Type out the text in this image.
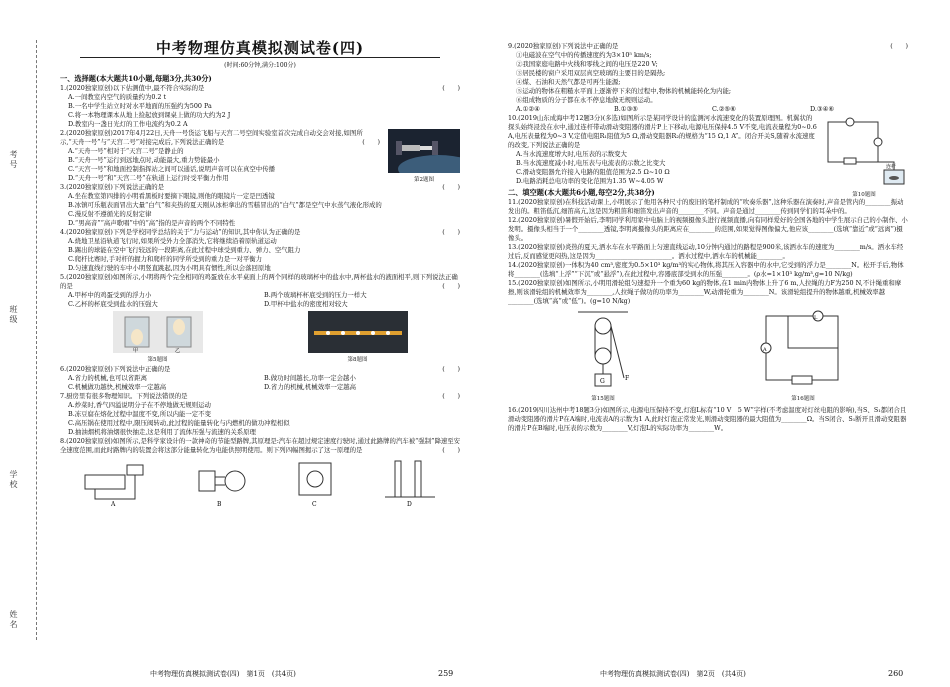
考号
班级
学校
姓名
中考物理仿真模拟测试卷(四)
(时间:60分钟,满分:100分)
一、选择题(本大题共10小题,每题3分,共30分)

1.(2020独家原创)以下估测值中,最不符合实际的是	(　　)

A.一间教室内空气的质量约为0.2 t

B.一名中学生站立时对水平地面的压强约为500 Pa

C.将一本物理课本从地上捡起放到课桌上做的功大约为2 J

D.教室内一盏日光灯的工作电流约为0.2 A

2.(2020独家原创)2017年4月22日,天舟一号货运飞船与天宫二号空间实验室首次完成自动交会对接,如图所示,“天舟一号”与“天宫二号”对接完成后,下列说法正确的是	(　　)

A.“天舟一号”相对于“天宫二号”是静止的

B.“天舟一号”运行到远地点时,动能最大,重力势能最小

C.“天宫一号”和地面控制指挥站之间可以通话,说明声音可以在真空中传播

D.“天舟一号”和“天宫二号”在轨道上运行时受平衡力作用	第2题图

3.(2020独家原创)下列说法正确的是	(　　)

A.坐在教室第四排的小明看黑板时要摘下眼镜,则他的眼镜片一定是凹透镜

B.冰镇可乐瓶表面冒出大量“白气”和夹热的夏天刚从冰柜拿出的雪糕冒出的“白气”都是空气中水蒸气液化形成的

C.漫反射不遵循光的反射定律

D.“男高音”“高声歌唱”中的“高”指的是声音的两个不同特性

4.(2020独家原创)下列是学校同学总结的关于“力与运动”的知识,其中你认为正确的是	(　　)

A.烧地卫星沿轨道飞行时,如果所受外力全部消失,它将继续沿着原轨道运动

B.踢出的球能在空中飞行较远的一段距离,在此过程中球受到重力、弹力、空气阻力

C.爬杆比赛时,手对杆的握力和爬杆的同学所受到的重力是一对平衡力

D.匀速直线行驶的车中小明竖直跳起,因为小明具有惯性,所以会落回原地

5.(2020独家原创)如图所示,小明将两个完全相同的鸡蛋放在水平桌面上的两个同样的玻璃杯中的盐水中,两杯盐水的液面相平,则下列说法正确的是	(　　)

A.甲杯中的鸡蛋受到的浮力小	B.两个玻璃杯杯底受到的压力一样大
C.乙杯的杯底受到盐水的压强大	D.甲杯中盐水的密度相对较大
甲	乙
第5题图	第8题图

6.(2020独家原创)下列说法中正确的是	(　　)

A.省力的机械,也可以省距离	B.做功时间越长,功率一定会越小
C.机械做功越快,机械效率一定越高	D.省力的机械,机械效率一定越高

7.厨房里有很多物理知识。下列说法错误的是	(　　)

A.炒菜时,香气四溢说明分子在不停地做无规则运动

B.冻豆腐在熔化过程中温度不变,所以内能一定不变

C.高压锅在使用过程中,限压阀转动,此过程的能量转化与内燃机的做功冲程相似

D.抽油烟机将油烟很快抽走,这是利用了流体压强与流速的关系原理

8.(2020独家原创)如图所示,是科学家设计的一款神奇的节能型路牌,其原理是:汽车在超过规定速度行驶时,通过此路牌的汽车被“强制”降速至安全速度范围,而此时路牌内的装置会将这部分能量转化为电能供照明使用。则下列四幅图揭示了这一原理的是	(　　)

A	B	C	D
中考物理仿真模拟测试卷(四)　第1页　(共4页)	259

9.(2020独家原创)下列说法中正确的是	(　　)

①电磁波在空气中的传播速度约为3×10⁵ km/s;

②我国家庭电路中火线和零线之间的电压是220 V;

③居民楼的窗户采用双层真空玻璃的主要目的是隔热;

④煤、石油和天然气都是可再生能源;

⑤运动的物体在粗糙水平面上逐渐停下来的过程中,物体的机械能转化为内能;

⑥组成物质的分子都在永不停息地做无规则运动。

A.①②④	B.①③⑤	C.②⑤⑥	D.③④⑥

10.(2019山东成海中考12题3分)(多选)如图所示是某同学设计的监测河水流速变化的装置原理图。机翼状的探头始终浸没在水中,通过连杆带动滑动变阻器的滑片P上下移动,电源电压保持4.5 V不变,电流表量程为0~0.6 A,电压表量程为0~3 V,定值电阻R₁阻值为5 Ω,滑动变阻器R₂的规格为“15 Ω,1 A”。闭合开关S,随着水流速度的改变,下列说法正确的是

A.当水流速度增大时,电压表的示数变大

B.当水流速度减小时,电压表与电流表的示数之比变大

C.滑动变阻器允许接入电路的阻值范围为2.5 Ω~10 Ω

D.电路消耗总电功率的变化范围为1.35 W~4.05 W

连杆
第10题图
二、填空题(本大题共6小题,每空2分,共38分)

11.(2020独家原创)在科技活动课上,小明展示了他用各种尺寸的废旧的笔杆制成的“吹奏乐器”,这种乐器在演奏时,声音是管内的________振动发出的。粗笛低沉,细笛高亢,这是因为粗笛和细笛发出声音的________不同。声音是通过________传到同学们的耳朵中的。

12.(2020独家原创)暑假开始后,李明同学利用家中电脑上的视频摄像头进行视频直播,向有同样爱好的全国各地的中学生展示自己的小制作、小发明。摄像头相当于一个________透镜,李明离摄像头的距离应在________的范围,如果觉得图像偏大,他应该________(选填“靠近”或“远离”)摄像头。

13.(2020独家原创)炎热的夏天,洒水车在水平路面上匀速直线运动,10分钟内通过的路程是900米,该洒水车的速度为________m/s。洒水车经过后,反而感觉更闷热,这是因为________________________。洒水过程中,洒水车的机械能________。

14.(2020独家原创)一体积为40 cm³,密度为0.5×10³ kg/m³的实心物体,将其压入容器中的水中,它受到的浮力是________N。松开手后,物体将________(选填“上浮”“下沉”或“悬浮”),在此过程中,容器底部受到水的压强________。(ρ水=1×10³ kg/m³,g=10 N/kg)

15.(2020独家原创)如图所示,小明用滑轮组匀速提升一个重为60 kg的物体,在1 min内物体上升了6 m,人拉绳的力F为250 N,不计绳重和摩擦,则该滑轮组的机械效率为________,人拉绳子做功的功率为________W,动滑轮重为________N。该滑轮组提升的物体越重,机械效率越________(选填“高”或“低”)。(g=10 N/kg)

G	F
第15题图
L
A
第16题图

16.(2019四川达州中考18题3分)如图所示,电源电压保持不变,灯泡L标有“10 V　5 W”字样(不考虑温度对灯丝电阻的影响),当S、S₁都闭合且滑动变阻器的滑片P在A端时,电流表A的示数为1 A,此时灯泡正常发光,则滑动变阻器的最大阻值为________Ω。当S闭合、S₁断开且滑动变阻器的滑片P在B端时,电压表的示数为________V,灯泡L的实际功率为________W。

中考物理仿真模拟测试卷(四)　第2页　(共4页)	260
